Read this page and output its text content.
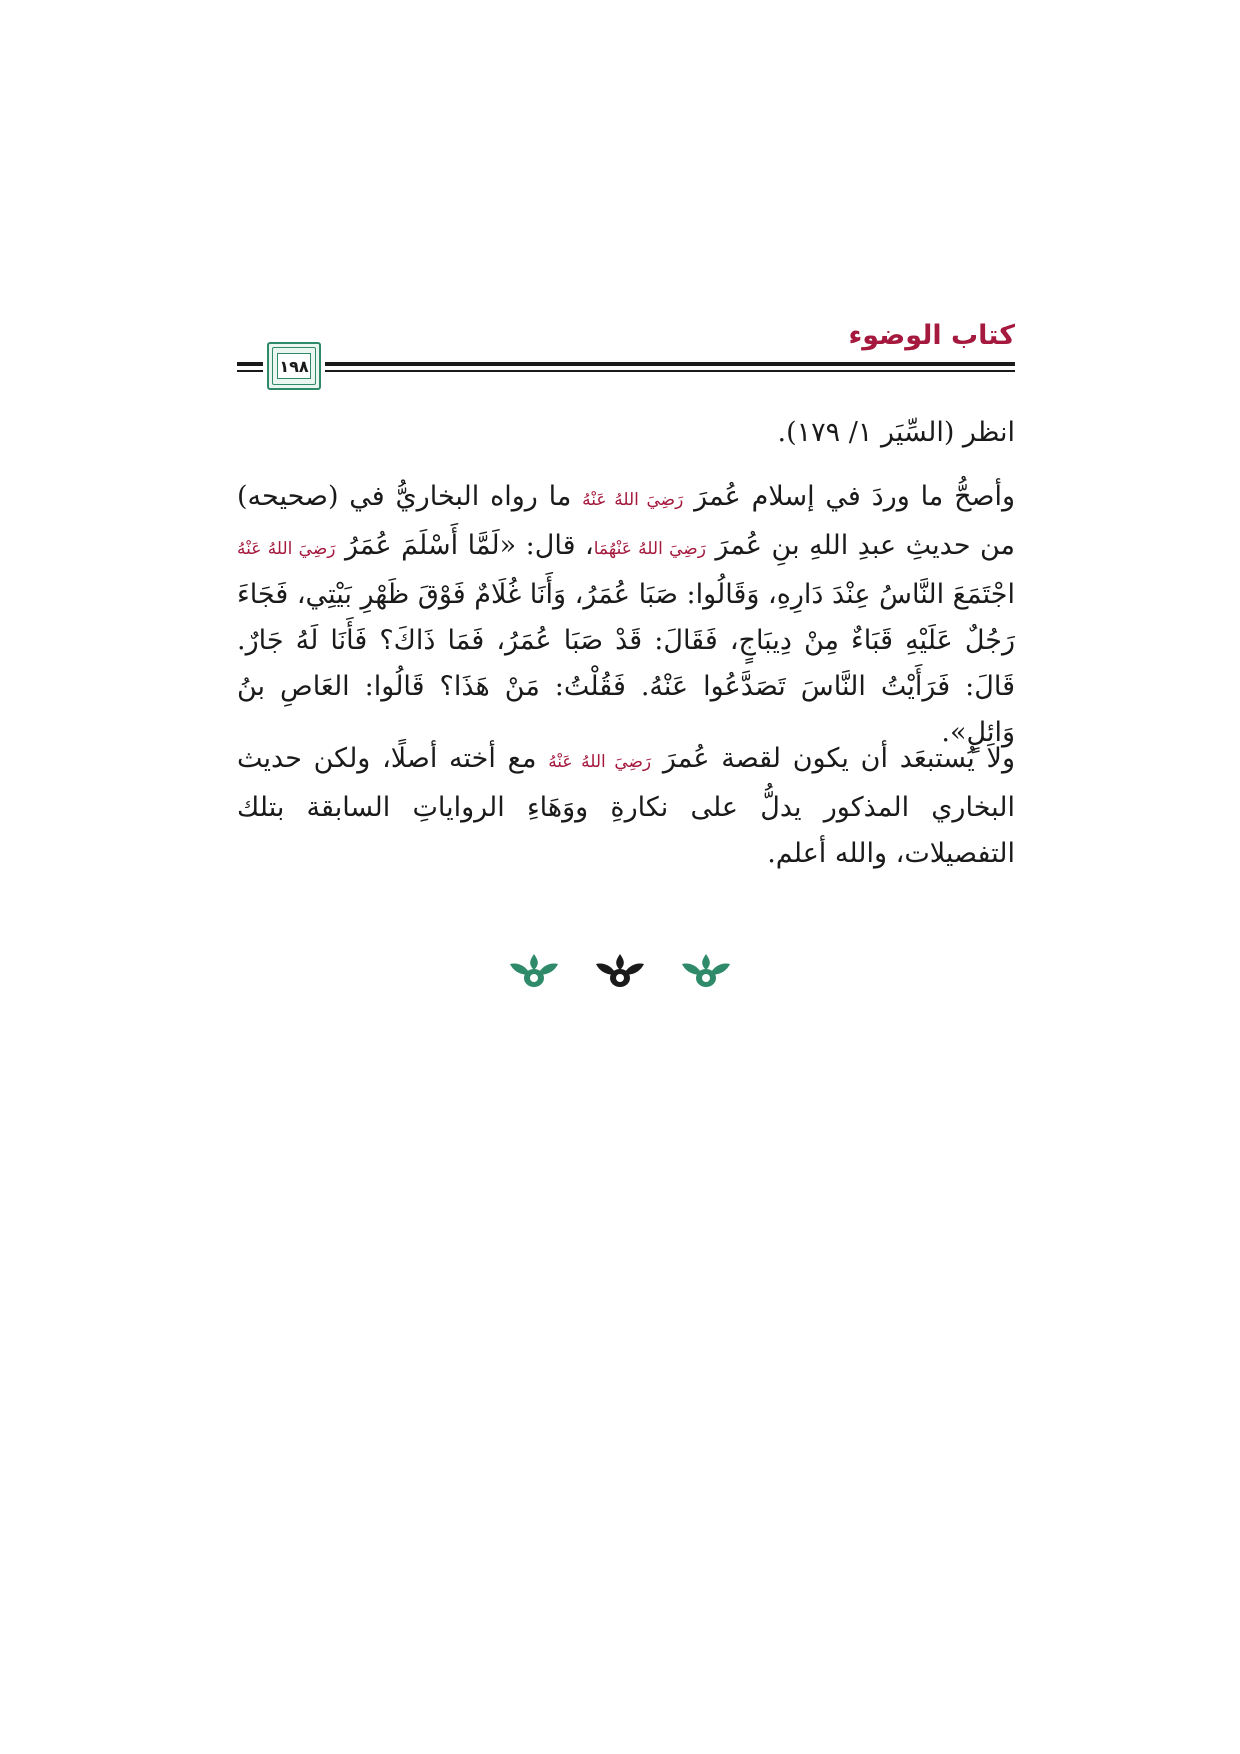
كتاب الوضوء
١٩٨

انظر (السِّيَر ١/ ١٧٩).

وأصحُّ ما وردَ في إسلام عُمرَ رَضِيَ اللهُ عَنْهُ ما رواه البخاريُّ في (صحيحه) من حديثِ عبدِ اللهِ بنِ عُمرَ رَضِيَ اللهُ عَنْهُمَا، قال: «لَمَّا أَسْلَمَ عُمَرُ رَضِيَ اللهُ عَنْهُ اجْتَمَعَ النَّاسُ عِنْدَ دَارِهِ، وَقَالُوا: صَبَا عُمَرُ، وَأَنَا غُلَامٌ فَوْقَ ظَهْرِ بَيْتِي، فَجَاءَ رَجُلٌ عَلَيْهِ قَبَاءٌ مِنْ دِيبَاجٍ، فَقَالَ: قَدْ صَبَا عُمَرُ، فَمَا ذَاكَ؟ فَأَنَا لَهُ جَارٌ. قَالَ: فَرَأَيْتُ النَّاسَ تَصَدَّعُوا عَنْهُ. فَقُلْتُ: مَنْ هَذَا؟ قَالُوا: العَاصِ بنُ وَائِلٍ».

ولا يُستبعَد أن يكون لقصة عُمرَ رَضِيَ اللهُ عَنْهُ مع أخته أصلًا، ولكن حديث البخاري المذكور يدلُّ على نكارةِ ووَهَاءِ الرواياتِ السابقة بتلك التفصيلات، والله أعلم.
